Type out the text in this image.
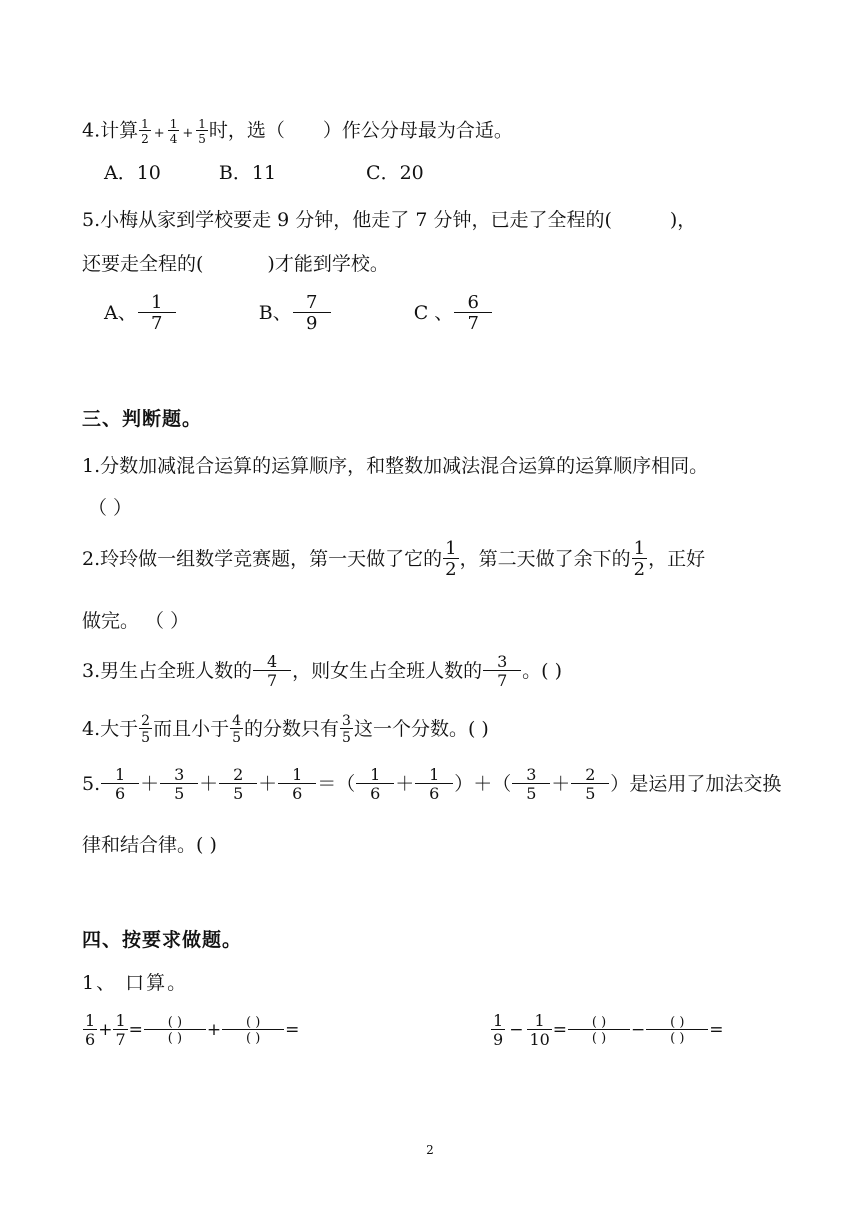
4.计算 $\frac{1}{2} + \frac{1}{4} + \frac{1}{5}$ 时，选（ ）作公分母最为合适。
A．10	B．11	C．20
5.小梅从家到学校要走 9 分钟，他走了 7 分钟，已走了全程的(	)，
还要走全程的(	)才能到学校。
A、 $\frac{1}{7}$	B、 $\frac{7}{9}$	C 、 $\frac{6}{7}$
三、判断题。
1.分数加减混合运算的运算顺序，和整数加减法混合运算的运算顺序相同。
（ ）
2.玲玲做一组数学竞赛题，第一天做了它的 $\frac{1}{2}$ ，第二天做了余下的 $\frac{1}{2}$ ，正好
做完。 （ ）
3.男生占全班人数的 $\frac{4}{7}$ ，则女生占全班人数的 $\frac{3}{7}$ 。( )
4.大于 $\frac{2}{5}$ 而且小于 $\frac{4}{5}$ 的分数只有 $\frac{3}{5}$ 这一个分数。( )
5. $\frac{1}{6} + \frac{3}{5} + \frac{2}{5} + \frac{1}{6}$ ＝（ $\frac{1}{6} + \frac{1}{6}$ ）＋（ $\frac{3}{5} + \frac{2}{5}$ ）是运用了加法交换
律和结合律。( )
四、按要求做题。
1、 口算。
$\frac{1}{6} + \frac{1}{7} = \frac{( )}{( )} + \frac{( )}{( )}$ =	$\frac{1}{9} - \frac{1}{10} = \frac{( )}{( )} - \frac{( )}{( )}$ =
2
